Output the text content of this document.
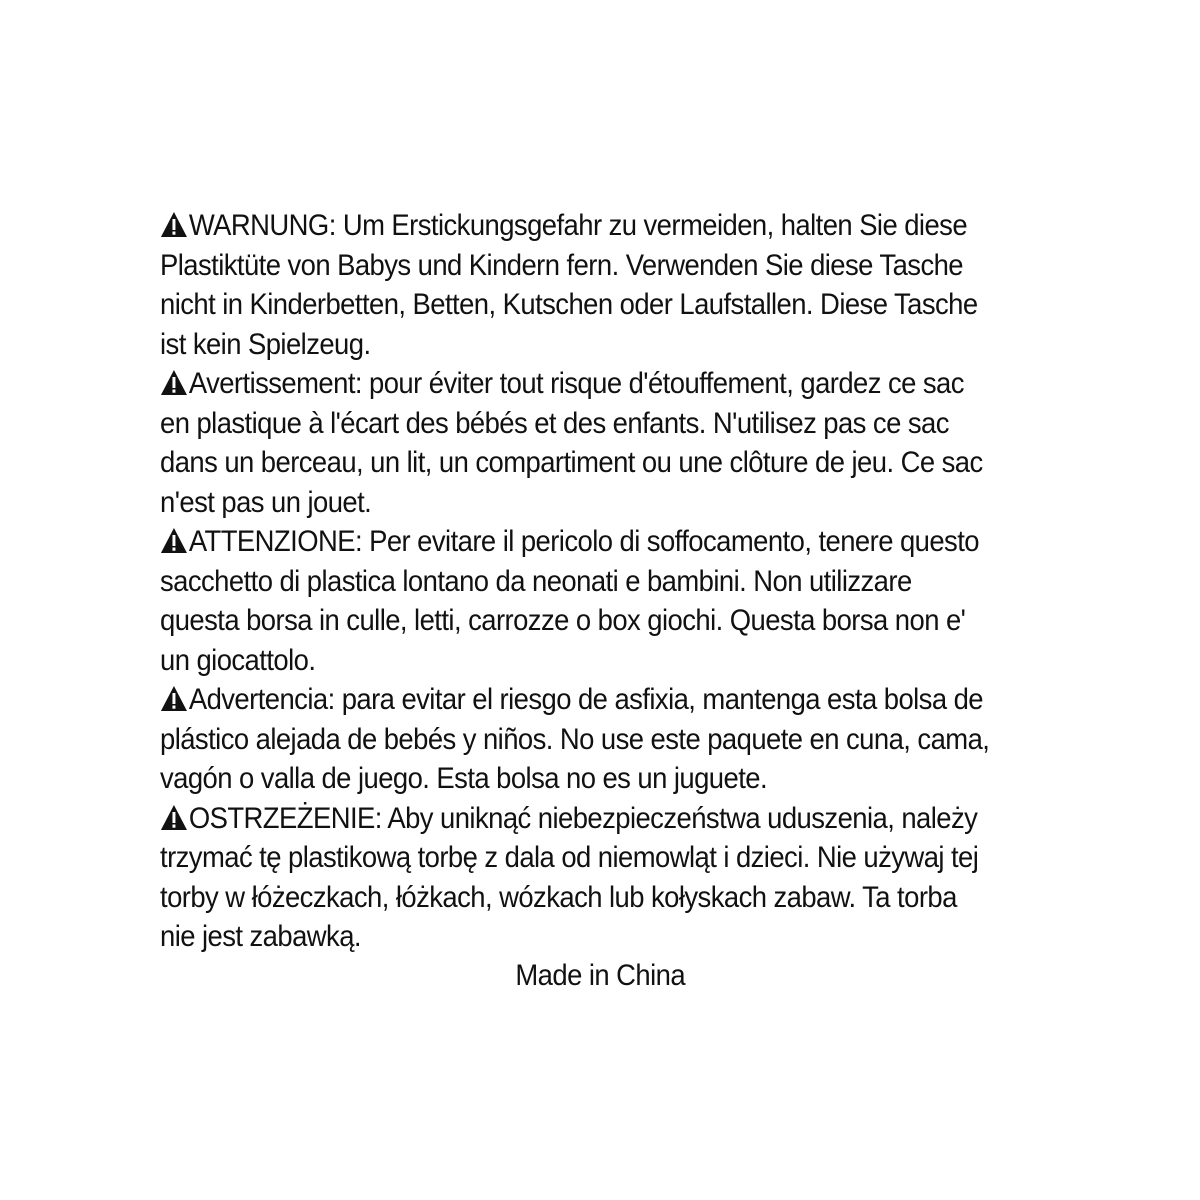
WARNUNG: Um Erstickungsgefahr zu vermeiden, halten Sie diese
Plastiktüte von Babys und Kindern fern. Verwenden Sie diese Tasche
nicht in Kinderbetten, Betten, Kutschen oder Laufstallen. Diese Tasche
ist kein Spielzeug.
Avertissement: pour éviter tout risque d'étouffement, gardez ce sac
en plastique à l'écart des bébés et des enfants. N'utilisez pas ce sac
dans un berceau, un lit, un compartiment ou une clôture de jeu. Ce sac
n'est pas un jouet.
ATTENZIONE: Per evitare il pericolo di soffocamento, tenere questo
sacchetto di plastica lontano da neonati e bambini. Non utilizzare
questa borsa in culle, letti, carrozze o box giochi. Questa borsa non e'
un giocattolo.
Advertencia: para evitar el riesgo de asfixia, mantenga esta bolsa de
plástico alejada de bebés y niños. No use este paquete en cuna, cama,
vagón o valla de juego. Esta bolsa no es un juguete.
OSTRZEŻENIE: Aby uniknąć niebezpieczeństwa uduszenia, należy
trzymać tę plastikową torbę z dala od niemowląt i dzieci. Nie używaj tej
torby w łóżeczkach, łóżkach, wózkach lub kołyskach zabaw. Ta torba
nie jest zabawką.
Made in China
